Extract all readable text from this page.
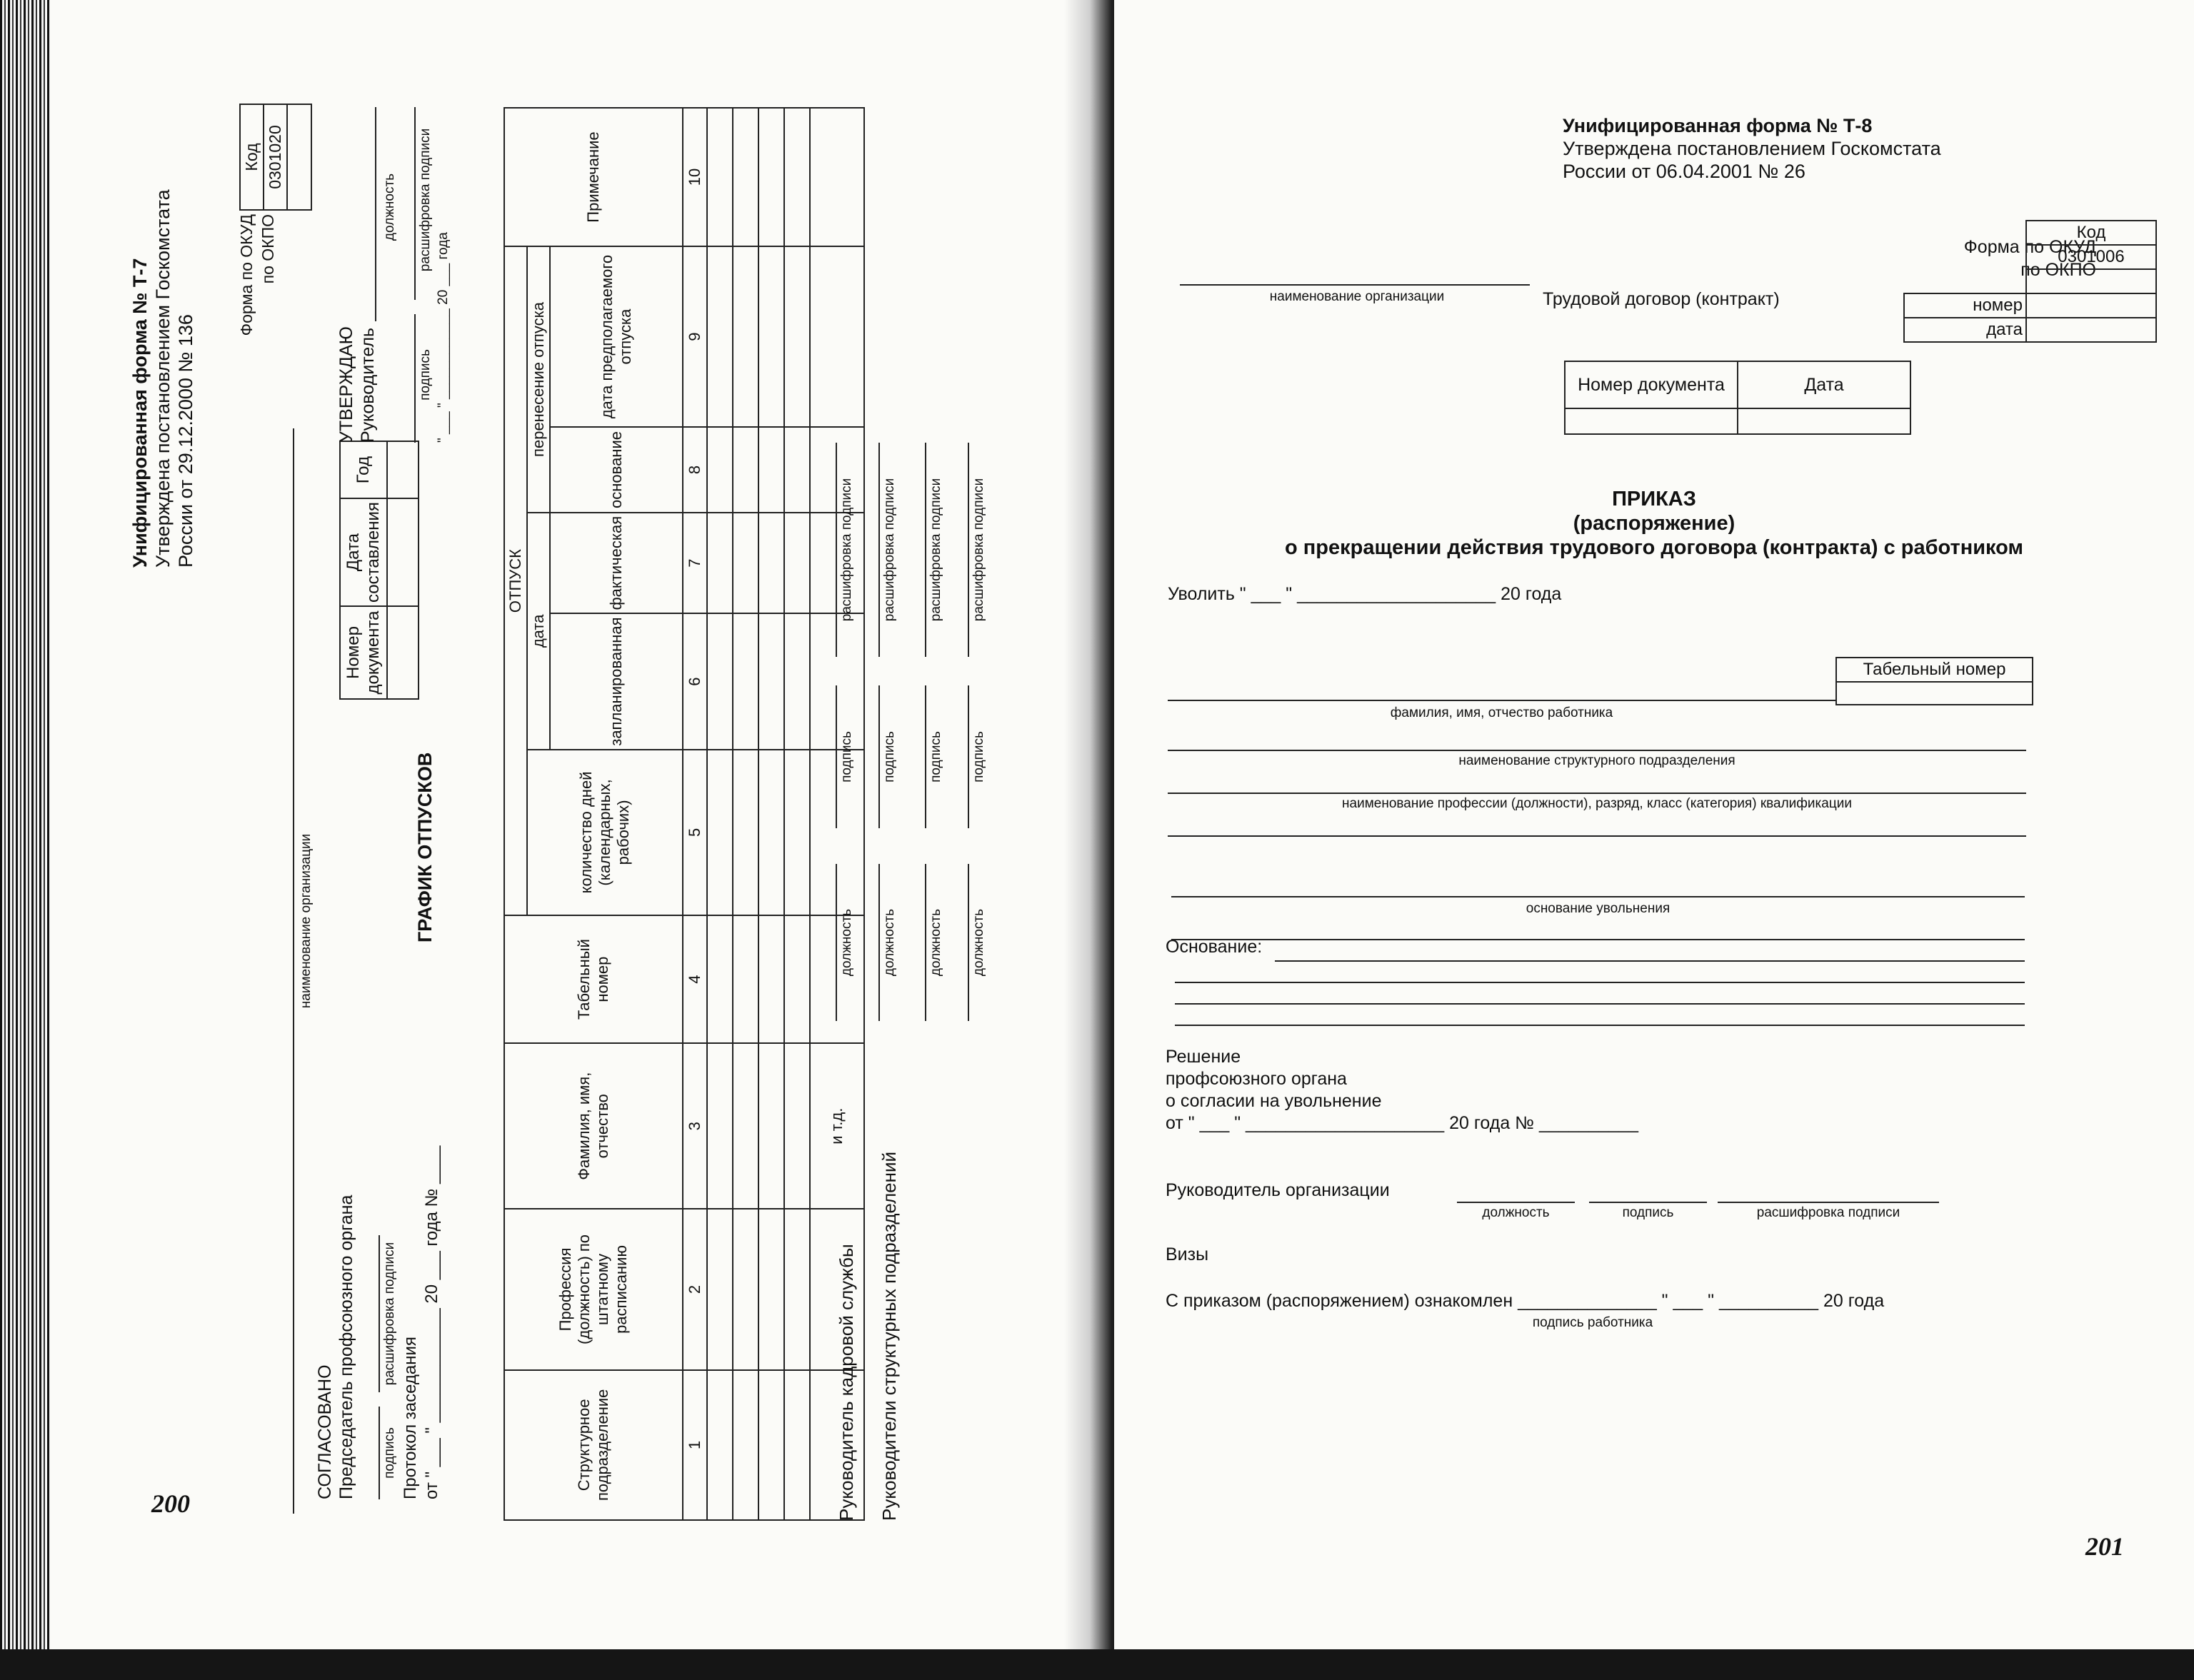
200
Унифицированная форма № Т-7 Утверждена постановлением Госкомстата России от 29.12.2000 № 136
Форма по ОКУД по ОКПО
Код
0301020

наименование организации
Номер документа	Дата составления	Год

УТВЕРЖДАЮ Руководитель
должность
подпись
расшифровка подписи
" ___ " ____________ 20 ___ года
СОГЛАСОВАНО Председатель профсоюзного органа подпись
расшифровка подписи
Протокол заседания от " ___ " ____________ 20 ___ года № ____
ГРАФИК ОТПУСКОВ
Структурное подразделение	Профессия (должность) по штатному расписанию	Фамилия, имя, отчество	Табельный номер	ОТПУСК					Примечание
				количество дней (календарных, рабочих)	дата		перенесение отпуска		
					запланированная	фактическая	основание	дата предполагаемого отпуска	
1	2	3	4	5	6	7	8	9	10

		и т.д.							
Руководитель кадровой службы Руководители структурных подразделений
должность
подпись
расшифровка подписи
должность
подпись
расшифровка подписи
должность
подпись
расшифровка подписи
должность
подпись
расшифровка подписи
Унифицированная форма № Т-8
Утверждена постановлением Госкомстата
России от 06.04.2001 № 26
Форма по ОКУД
по ОКПО
	Код
	0301006

номер	
дата	
Трудовой договор (контракт)
наименование организации
Номер документа	Дата

ПРИКАЗ
(распоряжение)
о прекращении действия трудового договора (контракта) с работником
Уволить " ___ " ____________________ 20 года
Табельный номер

фамилия, имя, отчество работника
наименование структурного подразделения
наименование профессии (должности), разряд, класс (категория) квалификации
основание увольнения
Основание:
Решение
профсоюзного органа
о согласии на увольнение
от " ___ " ____________________ 20 года № __________
Руководитель организации
должность	подпись	расшифровка подписи
Визы
С приказом (распоряжением) ознакомлен ______________ " ___ " __________ 20 года
подпись работника
201
